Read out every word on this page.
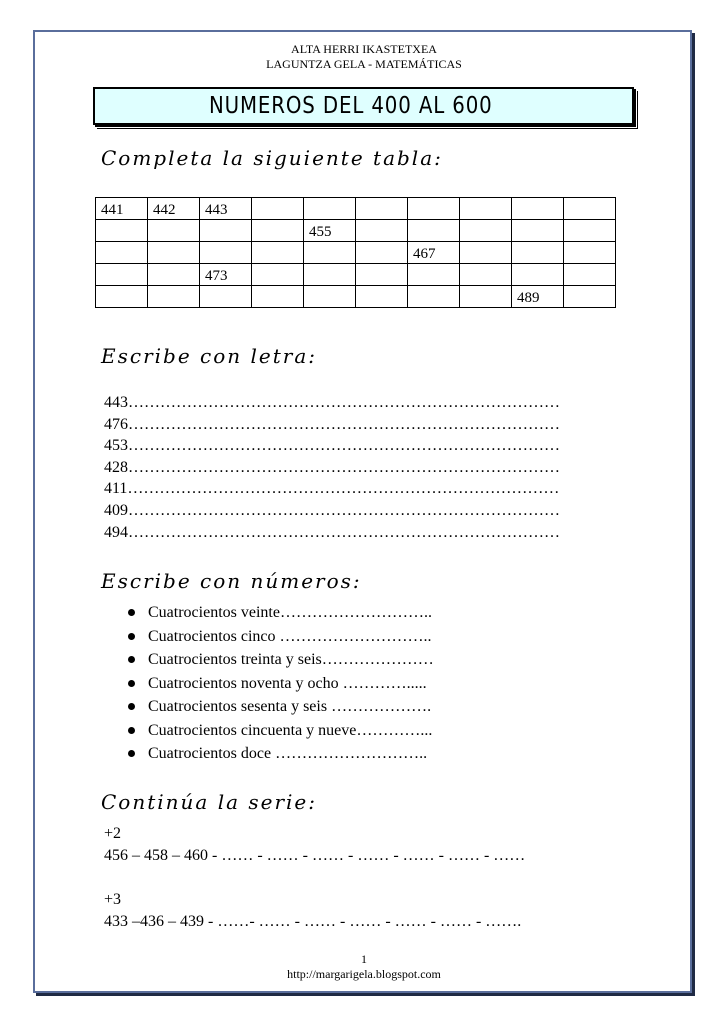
ALTA HERRI IKASTETXEA
LAGUNTZA GELA - MATEMÁTICAS
NUMEROS DEL 400 AL 600
Completa la siguiente tabla:
441	442	443							
				455					
						467			
		473							
								489	
Escribe con letra:
443………………………………………………………………………
476………………………………………………………………………
453………………………………………………………………………
428………………………………………………………………………
411………………………………………………………………………
409………………………………………………………………………
494………………………………………………………………………
Escribe con números:
Cuatrocientos veinte………………………..
Cuatrocientos cinco ………………………..
Cuatrocientos treinta y seis…………………
Cuatrocientos noventa y ocho ………….....
Cuatrocientos sesenta y seis ……………….
Cuatrocientos cincuenta y nueve…………...
Cuatrocientos doce ………………………..
Continúa la serie:
+2
456 – 458 – 460 - …… - …… - …… - …… - …… - …… - ……
+3
433 –436 – 439 - ……- …… - …… - …… - …… - …… - …….
1
http://margarigela.blogspot.com
